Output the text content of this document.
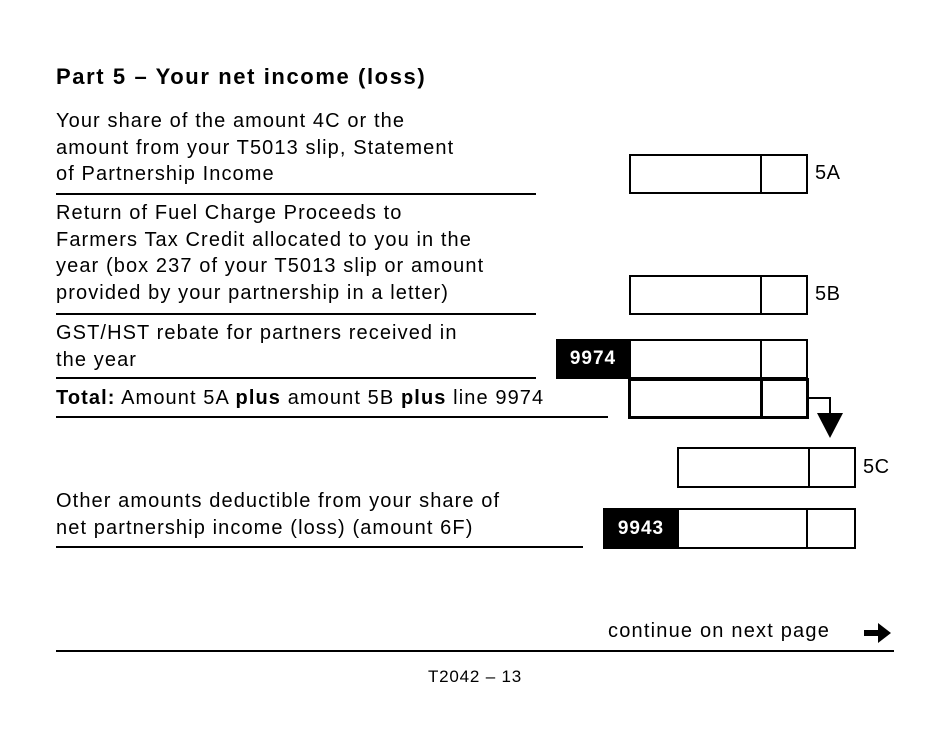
Part 5 – Your net income (loss)
Your share of the amount 4C or the
amount from your T5013 slip, Statement
of Partnership Income	5A
Return of Fuel Charge Proceeds to
Farmers Tax Credit allocated to you in the
year (box 237 of your T5013 slip or amount
provided by your partnership in a letter)	5B
GST/HST rebate for partners received in
the year	9974
Total: Amount 5A plus amount 5B plus line 9974
5C
Other amounts deductible from your share of
net partnership income (loss) (amount 6F)	9943
continue on next page
T2042 – 13
